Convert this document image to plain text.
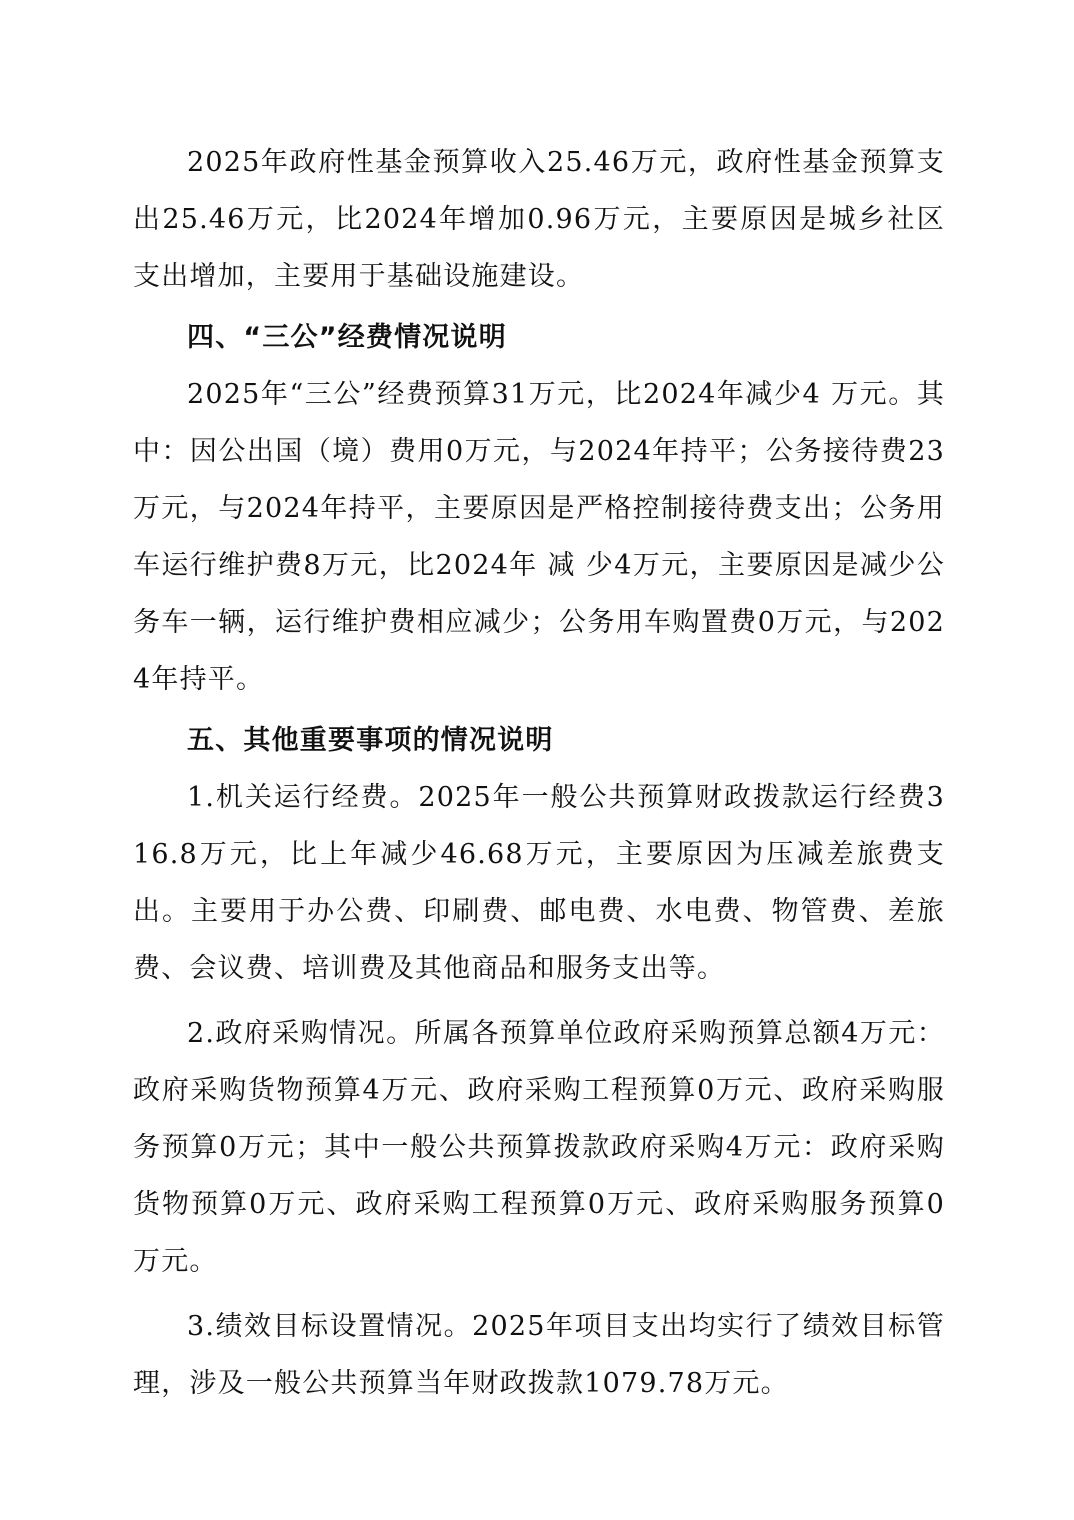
2025年政府性基金预算收入25.46万元，政府性基金预算支出25.46万元，比2024年增加0.96万元，主要原因是城乡社区支出增加，主要用于基础设施建设。

四、“三公”经费情况说明

2025年“三公”经费预算31万元，比2024年减少4 万元。其中：因公出国（境）费用0万元，与2024年持平；公务接待费23万元，与2024年持平，主要原因是严格控制接待费支出；公务用车运行维护费8万元，比2024年 减 少4万元，主要原因是减少公务车一辆，运行维护费相应减少；公务用车购置费0万元，与2024年持平。

五、其他重要事项的情况说明

1.机关运行经费。2025年一般公共预算财政拨款运行经费316.8万元，比上年减少46.68万元，主要原因为压减差旅费支出。主要用于办公费、印刷费、邮电费、水电费、物管费、差旅费、会议费、培训费及其他商品和服务支出等。

2.政府采购情况。所属各预算单位政府采购预算总额4万元：政府采购货物预算4万元、政府采购工程预算0万元、政府采购服务预算0万元；其中一般公共预算拨款政府采购4万元：政府采购货物预算0万元、政府采购工程预算0万元、政府采购服务预算0万元。

3.绩效目标设置情况。2025年项目支出均实行了绩效目标管理，涉及一般公共预算当年财政拨款1079.78万元。
